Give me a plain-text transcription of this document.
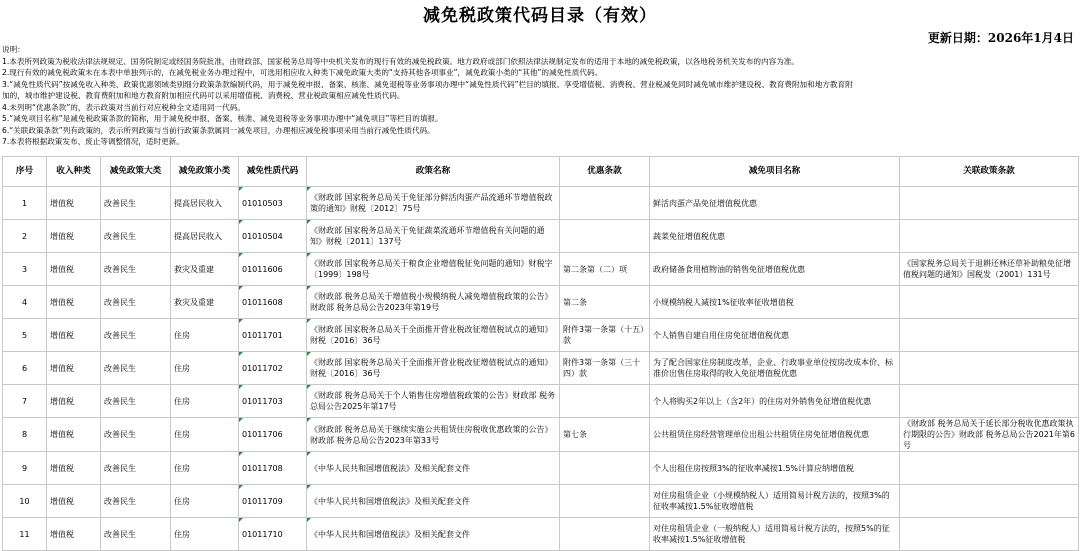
减免税政策代码目录（有效）
更新日期：2026年1月4日
说明：
1.本表所列政策为税收法律法规规定、国务院制定或经国务院批准，由财政部、国家税务总局等中央机关发布的现行有效的减免税政策。地方政府或部门依照法律法规制定发布的适用于本地的减免税政策，以各地税务机关发布的内容为准。
2.现行有效的减免税政策未在本表中单独列示的，在减免税业务办理过程中，可选用相应收入种类下减免政策大类的“支持其他各项事业”，减免政策小类的“其他”的减免性质代码。
3.“减免性质代码”按减免收入种类、政策优惠领域类别细分政策条款编制代码，用于减免税申报、备案、核准、减免退税等业务事项办理中“减免性质代码”栏目的填报。享受增值税、消费税、营业税减免同时减免城市维护建设税、教育费附加和地方教育附
加的，城市维护建设税、教育费附加和地方教育附加相应代码可以采用增值税、消费税、营业税政策相应减免性质代码。
4.未列明“优惠条款”的，表示政策对当前行对应税种全文适用同一代码。
5.“减免项目名称”是减免税政策条款的简称，用于减免税申报、备案、核准、减免退税等业务事项办理中“减免项目”等栏目的填报。
6.“关联政策条款”列有政策的，表示所列政策与当前行政策条款属同一减免项目，办理相应减免税事项采用当前行减免性质代码。
7.本表将根据政策发布、废止等调整情况，适时更新。
序号	收入种类	减免政策大类	减免政策小类	减免性质代码	政策名称	优惠条款	减免项目名称	关联政策条款
1	增值税	改善民生	提高居民收入	01010503	《财政部 国家税务总局关于免征部分鲜活肉蛋产品流通环节增值税政策的通知》财税〔2012〕75号		鲜活肉蛋产品免征增值税优惠	
2	增值税	改善民生	提高居民收入	01010504	《财政部 国家税务总局关于免征蔬菜流通环节增值税有关问题的通知》财税〔2011〕137号		蔬菜免征增值税优惠	
3	增值税	改善民生	救灾及重建	01011606	《财政部 国家税务总局关于粮食企业增值税征免问题的通知》财税字〔1999〕198号	第二条第（二）项	政府储备食用植物油的销售免征增值税优惠	《国家税务总局关于退耕还林还草补助粮免征增值税问题的通知》国税发（2001）131号
4	增值税	改善民生	救灾及重建	01011608	《财政部 税务总局关于增值税小规模纳税人减免增值税政策的公告》财政部 税务总局公告2023年第19号	第二条	小规模纳税人减按1%征收率征收增值税	
5	增值税	改善民生	住房	01011701	《财政部 国家税务总局关于全面推开营业税改征增值税试点的通知》财税〔2016〕36号	附件3第一条第（十五）款	个人销售自建自用住房免征增值税优惠	
6	增值税	改善民生	住房	01011702	《财政部 国家税务总局关于全面推开营业税改征增值税试点的通知》财税〔2016〕36号	附件3第一条第（三十四）款	为了配合国家住房制度改革，企业、行政事业单位按房改成本价、标准价出售住房取得的收入免征增值税优惠	
7	增值税	改善民生	住房	01011703	《财政部 税务总局关于个人销售住房增值税政策的公告》财政部 税务总局公告2025年第17号		个人将购买2年以上（含2年）的住房对外销售免征增值税优惠	
8	增值税	改善民生	住房	01011706	《财政部 税务总局关于继续实施公共租赁住房税收优惠政策的公告》财政部 税务总局公告2023年第33号	第七条	公共租赁住房经营管理单位出租公共租赁住房免征增值税优惠	《财政部 税务总局关于延长部分税收优惠政策执行期限的公告》财政部 税务总局公告2021年第6号
9	增值税	改善民生	住房	01011708	《中华人民共和国增值税法》及相关配套文件		个人出租住房按照3%的征收率减按1.5%计算应纳增值税	
10	增值税	改善民生	住房	01011709	《中华人民共和国增值税法》及相关配套文件		对住房租赁企业（小规模纳税人）适用简易计税方法的，按照3%的征收率减按1.5%征收增值税	
11	增值税	改善民生	住房	01011710	《中华人民共和国增值税法》及相关配套文件		对住房租赁企业（一般纳税人）适用简易计税方法的，按照5%的征收率减按1.5%征收增值税	
